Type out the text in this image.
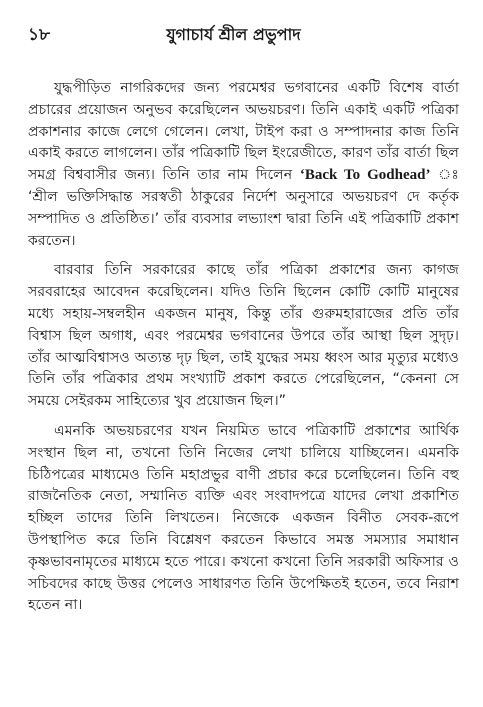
১৮	যুগাচার্য শ্রীল প্রভুপাদ

যুদ্ধপীড়িত নাগরিকদের জন্য পরমেশ্বর ভগবানের একটি বিশেষ বার্তা প্রচারের প্রয়োজন অনুভব করেছিলেন অভয়চরণ। তিনি একাই একটি পত্রিকা প্রকাশনার কাজে লেগে গেলেন। লেখা, টাইপ করা ও সম্পাদনার কাজ তিনি একাই করতে লাগলেন। তাঁর পত্রিকাটি ছিল ইংরেজীতে, কারণ তাঁর বার্তা ছিল সমগ্র বিশ্ববাসীর জন্য। তিনি তার নাম দিলেন ‘Back To Godhead’ ঃ ‘শ্রীল ভক্তিসিদ্ধান্ত সরস্বতী ঠাকুরের নির্দেশ অনুসারে অভয়চরণ দে কর্তৃক সম্পাদিত ও প্রতিষ্ঠিত।’ তাঁর ব্যবসার লভ্যাংশ দ্বারা তিনি এই পত্রিকাটি প্রকাশ করতেন।

বারবার তিনি সরকারের কাছে তাঁর পত্রিকা প্রকাশের জন্য কাগজ সরবরাহের আবেদন করেছিলেন। যদিও তিনি ছিলেন কোটি কোটি মানুষের মধ্যে সহায়-সম্বলহীন একজন মানুষ, কিন্তু তাঁর গুরুমহারাজের প্রতি তাঁর বিশ্বাস ছিল অগাধ, এবং পরমেশ্বর ভগবানের উপরে তাঁর আস্থা ছিল সুদৃঢ়। তাঁর আত্মবিশ্বাসও অত্যন্ত দৃঢ় ছিল, তাই যুদ্ধের সময় ধ্বংস আর মৃত্যুর মধ্যেও তিনি তাঁর পত্রিকার প্রথম সংখ্যাটি প্রকাশ করতে পেরেছিলেন, “কেননা সে সময়ে সেইরকম সাহিত্যের খুব প্রয়োজন ছিল।”

এমনকি অভয়চরণের যখন নিয়মিত ভাবে পত্রিকাটি প্রকাশের আর্থিক সংস্থান ছিল না, তখনো তিনি নিজের লেখা চালিয়ে যাচ্ছিলেন। এমনকি চিঠিপত্রের মাধ্যমেও তিনি মহাপ্রভুর বাণী প্রচার করে চলেছিলেন। তিনি বহু রাজনৈতিক নেতা, সম্মানিত ব্যক্তি এবং সংবাদপত্রে যাদের লেখা প্রকাশিত হচ্ছিল তাদের তিনি লিখতেন। নিজেকে একজন বিনীত সেবক-রূপে উপস্থাপিত করে তিনি বিশ্লেষণ করতেন কিভাবে সমস্ত সমস্যার সমাধান কৃষ্ণভাবনামৃতের মাধ্যমে হতে পারে। কখনো কখনো তিনি সরকারী অফিসার ও সচিবদের কাছে উত্তর পেলেও সাধারণত তিনি উপেক্ষিতই হতেন, তবে নিরাশ হতেন না।
